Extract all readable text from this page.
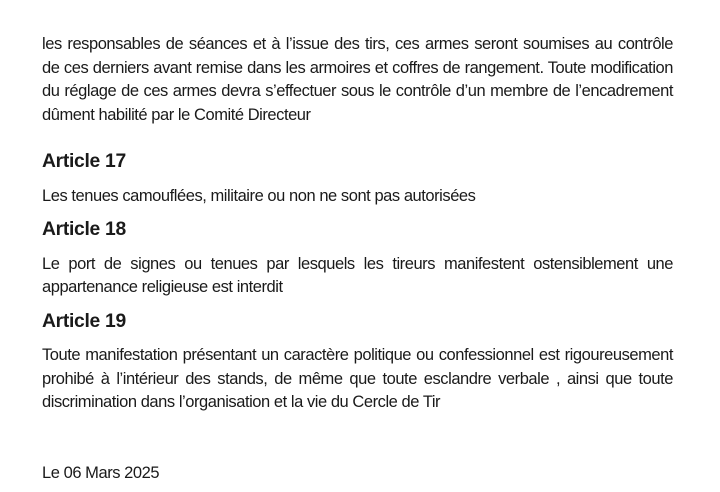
les responsables de séances et à l’issue des tirs, ces armes seront soumises au contrôle de ces derniers avant remise dans les armoires et coffres de rangement. Toute modification du réglage de ces armes devra s’effectuer sous le contrôle d’un membre de l’encadrement dûment habilité par le Comité Directeur

Article 17

Les tenues camouflées, militaire ou non ne sont pas autorisées

Article 18

Le port de signes ou tenues par lesquels les tireurs manifestent ostensiblement une appartenance religieuse est interdit

Article 19

Toute manifestation présentant un caractère politique ou confessionnel est rigoureusement prohibé à l’intérieur des stands, de même que toute esclandre verbale , ainsi que toute discrimination dans l’organisation et la vie du Cercle de Tir

Le 06 Mars 2025
